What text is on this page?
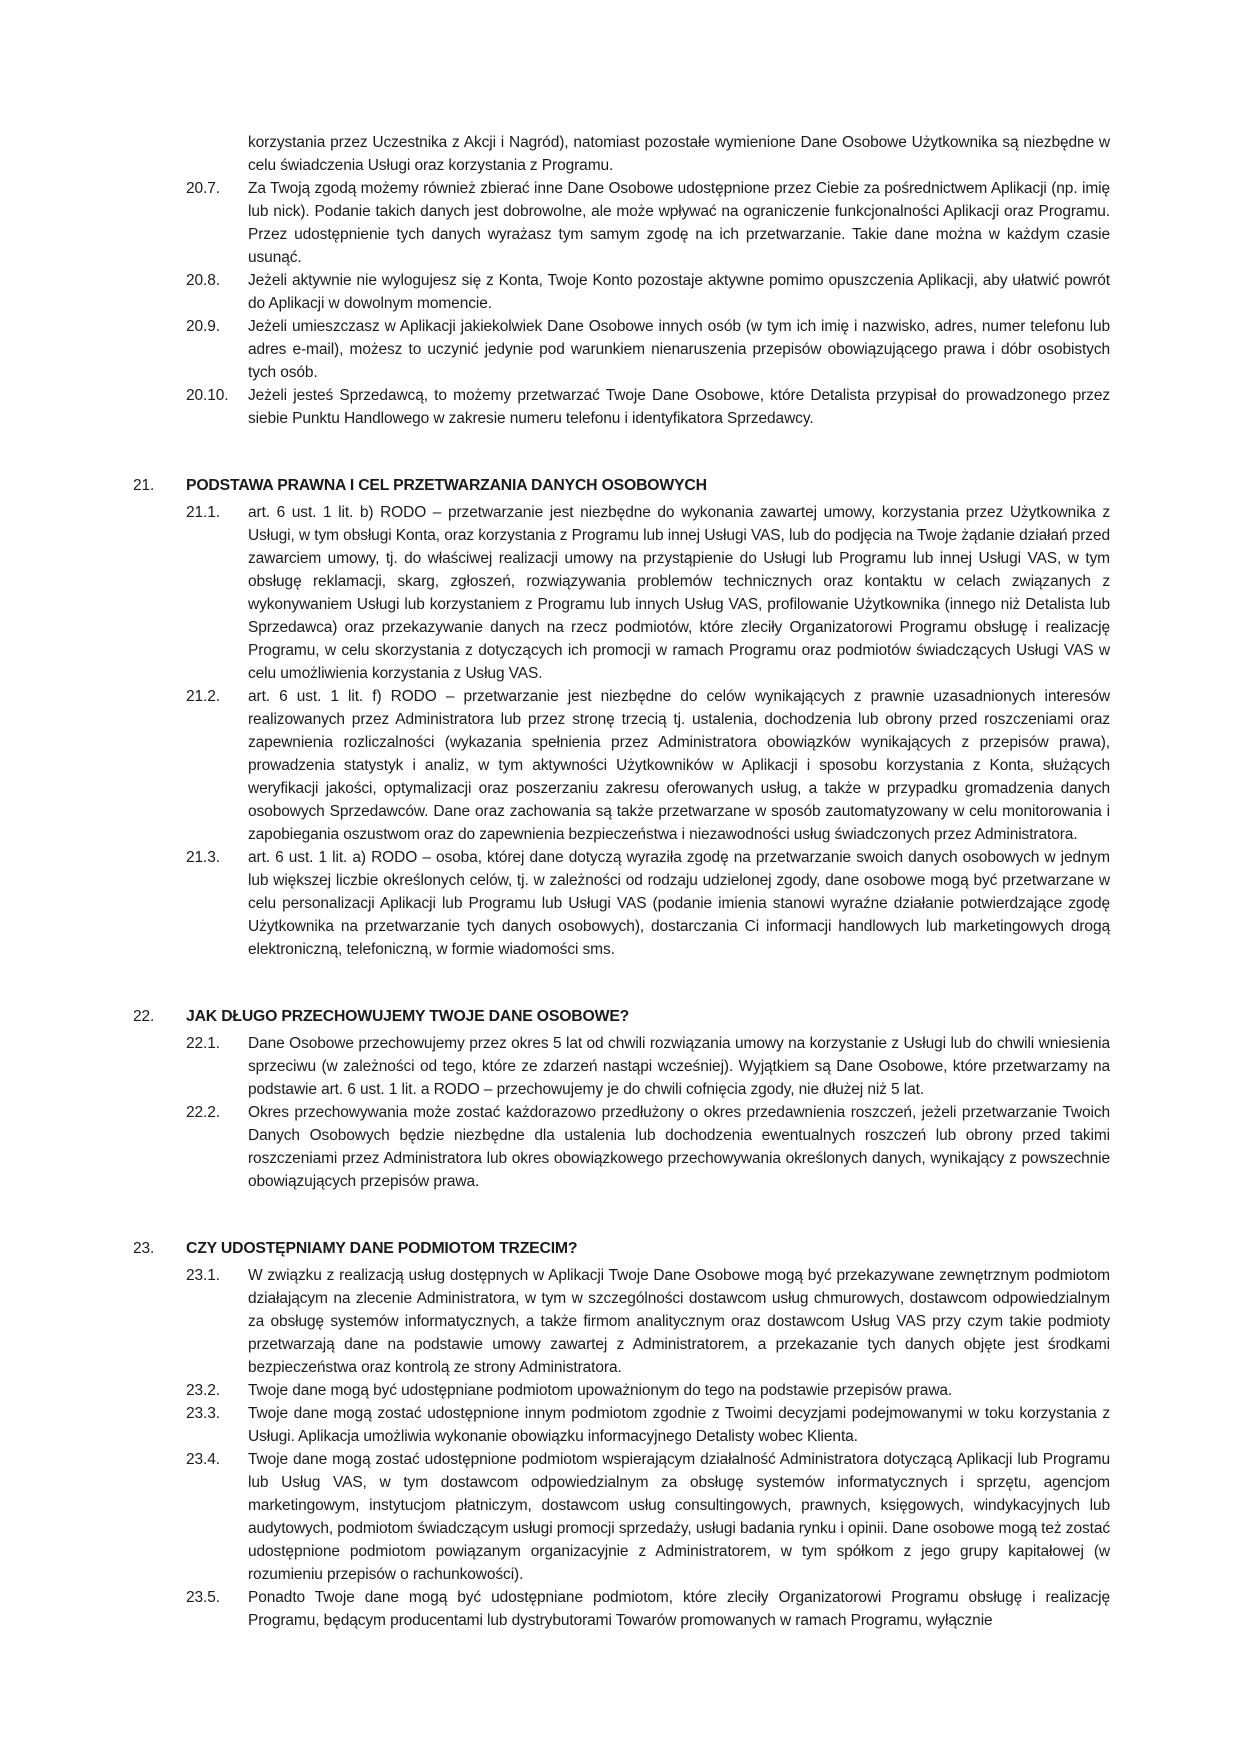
korzystania przez Uczestnika z Akcji i Nagród), natomiast pozostałe wymienione Dane Osobowe Użytkownika są niezbędne w celu świadczenia Usługi oraz korzystania z Programu.

20.7.	Za Twoją zgodą możemy również zbierać inne Dane Osobowe udostępnione przez Ciebie za pośrednictwem Aplikacji (np. imię lub nick). Podanie takich danych jest dobrowolne, ale może wpływać na ograniczenie funkcjonalności Aplikacji oraz Programu. Przez udostępnienie tych danych wyrażasz tym samym zgodę na ich przetwarzanie. Takie dane można w każdym czasie usunąć.

20.8.	Jeżeli aktywnie nie wylogujesz się z Konta, Twoje Konto pozostaje aktywne pomimo opuszczenia Aplikacji, aby ułatwić powrót do Aplikacji w dowolnym momencie.

20.9.	Jeżeli umieszczasz w Aplikacji jakiekolwiek Dane Osobowe innych osób (w tym ich imię i nazwisko, adres, numer telefonu lub adres e-mail), możesz to uczynić jedynie pod warunkiem nienaruszenia przepisów obowiązującego prawa i dóbr osobistych tych osób.

20.10.	Jeżeli jesteś Sprzedawcą, to możemy przetwarzać Twoje Dane Osobowe, które Detalista przypisał do prowadzonego przez siebie Punktu Handlowego w zakresie numeru telefonu i identyfikatora Sprzedawcy.

21.	PODSTAWA PRAWNA I CEL PRZETWARZANIA DANYCH OSOBOWYCH
21.1.	art. 6 ust. 1 lit. b) RODO – przetwarzanie jest niezbędne do wykonania zawartej umowy, korzystania przez Użytkownika z Usługi, w tym obsługi Konta, oraz korzystania z Programu lub innej Usługi VAS, lub do podjęcia na Twoje żądanie działań przed zawarciem umowy, tj. do właściwej realizacji umowy na przystąpienie do Usługi lub Programu lub innej Usługi VAS, w tym obsługę reklamacji, skarg, zgłoszeń, rozwiązywania problemów technicznych oraz kontaktu w celach związanych z wykonywaniem Usługi lub korzystaniem z Programu lub innych Usług VAS, profilowanie Użytkownika (innego niż Detalista lub Sprzedawca) oraz przekazywanie danych na rzecz podmiotów, które zleciły Organizatorowi Programu obsługę i realizację Programu, w celu skorzystania z dotyczących ich promocji w ramach Programu oraz podmiotów świadczących Usługi VAS w celu umożliwienia korzystania z Usług VAS.

21.2.	art. 6 ust. 1 lit. f) RODO – przetwarzanie jest niezbędne do celów wynikających z prawnie uzasadnionych interesów realizowanych przez Administratora lub przez stronę trzecią tj. ustalenia, dochodzenia lub obrony przed roszczeniami oraz zapewnienia rozliczalności (wykazania spełnienia przez Administratora obowiązków wynikających z przepisów prawa), prowadzenia statystyk i analiz, w tym aktywności Użytkowników w Aplikacji i sposobu korzystania z Konta, służących weryfikacji jakości, optymalizacji oraz poszerzaniu zakresu oferowanych usług, a także w przypadku gromadzenia danych osobowych Sprzedawców. Dane oraz zachowania są także przetwarzane w sposób zautomatyzowany w celu monitorowania i zapobiegania oszustwom oraz do zapewnienia bezpieczeństwa i niezawodności usług świadczonych przez Administratora.

21.3.	art. 6 ust. 1 lit. a) RODO – osoba, której dane dotyczą wyraziła zgodę na przetwarzanie swoich danych osobowych w jednym lub większej liczbie określonych celów, tj. w zależności od rodzaju udzielonej zgody, dane osobowe mogą być przetwarzane w celu personalizacji Aplikacji lub Programu lub Usługi VAS (podanie imienia stanowi wyraźne działanie potwierdzające zgodę Użytkownika na przetwarzanie tych danych osobowych), dostarczania Ci informacji handlowych lub marketingowych drogą elektroniczną, telefoniczną, w formie wiadomości sms.

22.	JAK DŁUGO PRZECHOWUJEMY TWOJE DANE OSOBOWE?
22.1.	Dane Osobowe przechowujemy przez okres 5 lat od chwili rozwiązania umowy na korzystanie z Usługi lub do chwili wniesienia sprzeciwu (w zależności od tego, które ze zdarzeń nastąpi wcześniej). Wyjątkiem są Dane Osobowe, które przetwarzamy na podstawie art. 6 ust. 1 lit. a RODO – przechowujemy je do chwili cofnięcia zgody, nie dłużej niż 5 lat.

22.2.	Okres przechowywania może zostać każdorazowo przedłużony o okres przedawnienia roszczeń, jeżeli przetwarzanie Twoich Danych Osobowych będzie niezbędne dla ustalenia lub dochodzenia ewentualnych roszczeń lub obrony przed takimi roszczeniami przez Administratora lub okres obowiązkowego przechowywania określonych danych, wynikający z powszechnie obowiązujących przepisów prawa.

23.	CZY UDOSTĘPNIAMY DANE PODMIOTOM TRZECIM?
23.1.	W związku z realizacją usług dostępnych w Aplikacji Twoje Dane Osobowe mogą być przekazywane zewnętrznym podmiotom działającym na zlecenie Administratora, w tym w szczególności dostawcom usług chmurowych, dostawcom odpowiedzialnym za obsługę systemów informatycznych, a także firmom analitycznym oraz dostawcom Usług VAS przy czym takie podmioty przetwarzają dane na podstawie umowy zawartej z Administratorem, a przekazanie tych danych objęte jest środkami bezpieczeństwa oraz kontrolą ze strony Administratora.

23.2.	Twoje dane mogą być udostępniane podmiotom upoważnionym do tego na podstawie przepisów prawa.

23.3.	Twoje dane mogą zostać udostępnione innym podmiotom zgodnie z Twoimi decyzjami podejmowanymi w toku korzystania z Usługi. Aplikacja umożliwia wykonanie obowiązku informacyjnego Detalisty wobec Klienta.

23.4.	Twoje dane mogą zostać udostępnione podmiotom wspierającym działalność Administratora dotyczącą Aplikacji lub Programu lub Usług VAS, w tym dostawcom odpowiedzialnym za obsługę systemów informatycznych i sprzętu, agencjom marketingowym, instytucjom płatniczym, dostawcom usług consultingowych, prawnych, księgowych, windykacyjnych lub audytowych, podmiotom świadczącym usługi promocji sprzedaży, usługi badania rynku i opinii. Dane osobowe mogą też zostać udostępnione podmiotom powiązanym organizacyjnie z Administratorem, w tym spółkom z jego grupy kapitałowej (w rozumieniu przepisów o rachunkowości).

23.5.	Ponadto Twoje dane mogą być udostępniane podmiotom, które zleciły Organizatorowi Programu obsługę i realizację Programu, będącym producentami lub dystrybutorami Towarów promowanych w ramach Programu, wyłącznie
